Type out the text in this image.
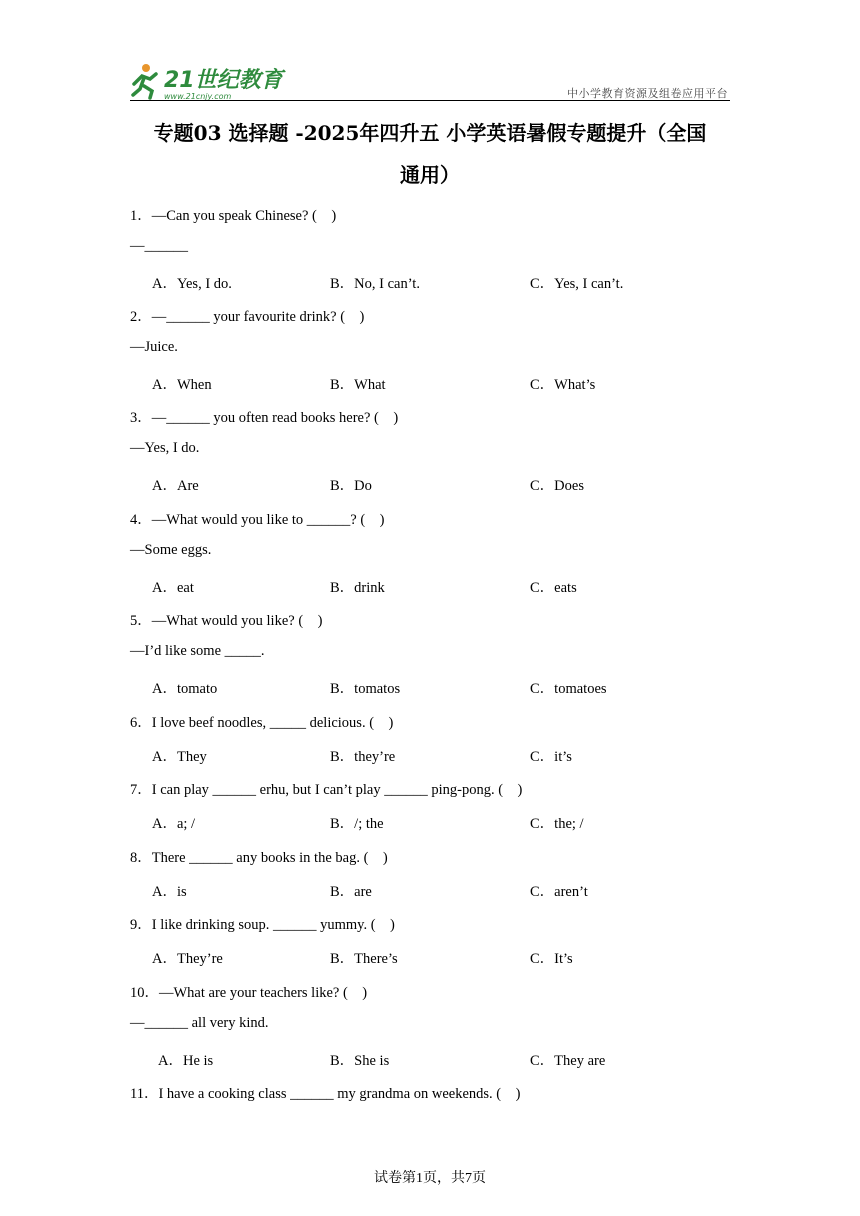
21世纪教育
www.21cnjy.com	中小学教育资源及组卷应用平台
专题03 选择题 -2025年四升五 小学英语暑假专题提升（全国
通用）
1．—Can you speak Chinese? (　)
—______
A．Yes, I do.	B．No, I can’t.	C．Yes, I can’t.
2．—______ your favourite drink? (　)
—Juice.
A．When	B．What	C．What’s
3．—______ you often read books here? (　)
—Yes, I do.
A．Are	B．Do	C．Does
4．—What would you like to ______? (　)
—Some eggs.
A．eat	B．drink	C．eats
5．—What would you like? (　)
—I’d like some _____.
A．tomato	B．tomatos	C．tomatoes
6．I love beef noodles, _____ delicious. (　)
A．They	B．they’re	C．it’s
7．I can play ______ erhu, but I can’t play ______ ping-pong. (　)
A．a; /	B．/; the	C．the; /
8．There ______ any books in the bag. (　)
A．is	B．are	C．aren’t
9．I like drinking soup. ______ yummy. (　)
A．They’re	B．There’s	C．It’s
10．—What are your teachers like? (　)
—______ all very kind.
A．He is	B．She is	C．They are
11．I have a cooking class ______ my grandma on weekends. (　)
试卷第1页，共7页
